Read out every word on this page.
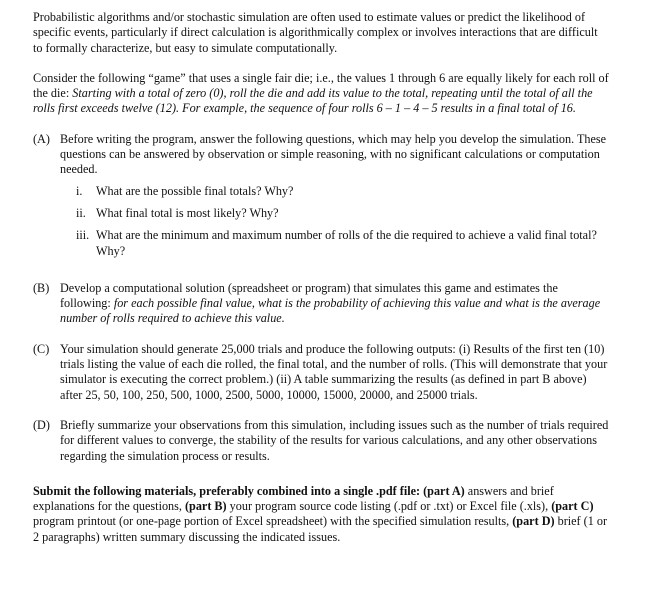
Probabilistic algorithms and/or stochastic simulation are often used to estimate values or predict the likelihood of specific events, particularly if direct calculation is algorithmically complex or involves interactions that are difficult to formally characterize, but easy to simulate computationally.

Consider the following “game” that uses a single fair die; i.e., the values 1 through 6 are equally likely for each roll of the die: Starting with a total of zero (0), roll the die and add its value to the total, repeating until the total of all the rolls first exceeds twelve (12). For example, the sequence of four rolls 6 – 1 – 4 – 5 results in a final total of 16.

(A) Before writing the program, answer the following questions, which may help you develop the simulation. These questions can be answered by observation or simple reasoning, with no significant calculations or computation needed.

i.	What are the possible final totals? Why?
ii. What final total is most likely? Why?
iii. What are the minimum and maximum number of rolls of the die required to achieve a valid final total? Why?
(B) Develop a computational solution (spreadsheet or program) that simulates this game and estimates the following: for each possible final value, what is the probability of achieving this value and what is the average number of rolls required to achieve this value.

(C) Your simulation should generate 25,000 trials and produce the following outputs: (i) Results of the first ten (10) trials listing the value of each die rolled, the final total, and the number of rolls. (This will demonstrate that your simulator is executing the correct problem.) (ii) A table summarizing the results (as defined in part B above) after 25, 50, 100, 250, 500, 1000, 2500, 5000, 10000, 15000, 20000, and 25000 trials.

(D) Briefly summarize your observations from this simulation, including issues such as the number of trials required for different values to converge, the stability of the results for various calculations, and any other observations regarding the simulation process or results.

Submit the following materials, preferably combined into a single .pdf file: (part A) answers and brief explanations for the questions, (part B) your program source code listing (.pdf or .txt) or Excel file (.xls), (part C) program printout (or one-page portion of Excel spreadsheet) with the specified simulation results, (part D) brief (1 or 2 paragraphs) written summary discussing the indicated issues.
